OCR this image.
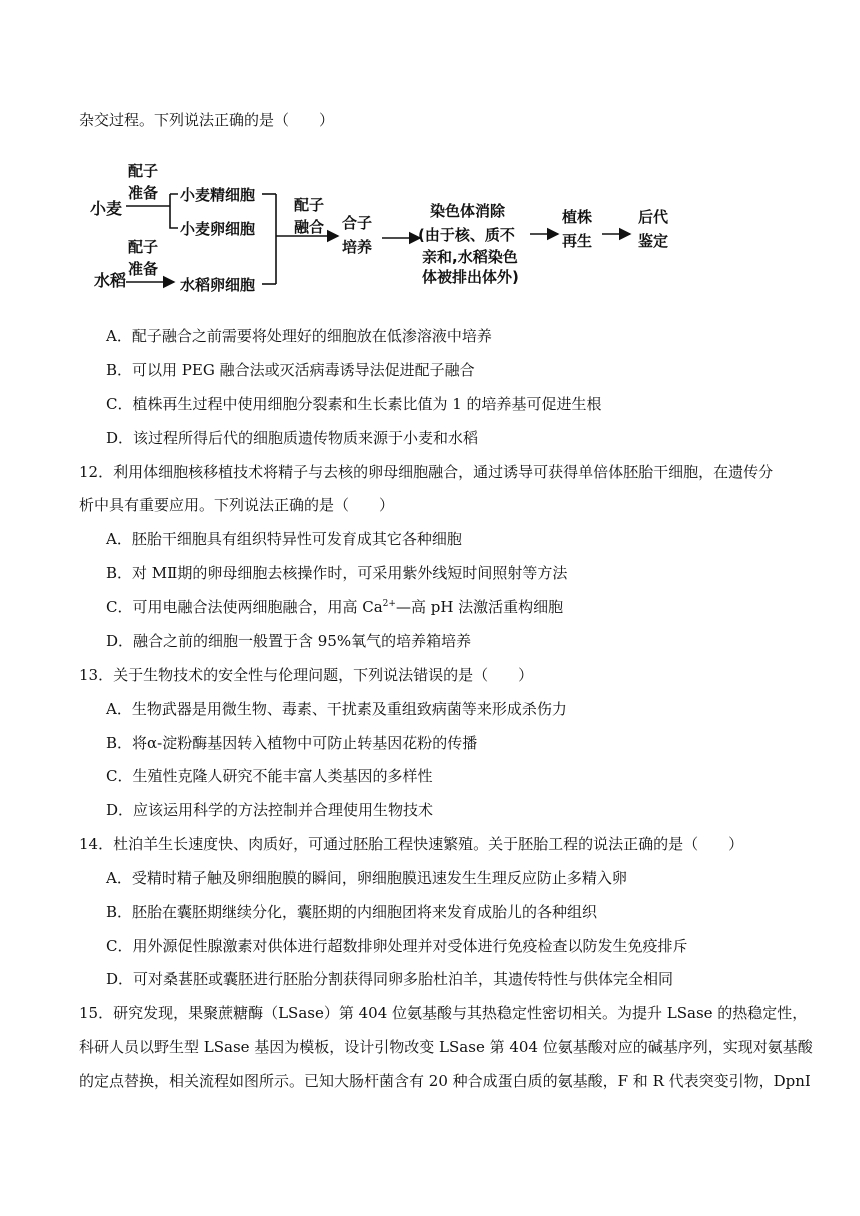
杂交过程。下列说法正确的是（　　）
小麦
配子
准备 小麦精细胞
小麦卵细胞
水稻
配子
准备
水稻卵细胞
配子
融合 合子
培养
染色体消除
(由于核、质不
亲和,水稻染色
体被排出体外)
植株
再生
后代
鉴定
A．配子融合之前需要将处理好的细胞放在低渗溶液中培养
B．可以用 PEG 融合法或灭活病毒诱导法促进配子融合
C．植株再生过程中使用细胞分裂素和生长素比值为 1 的培养基可促进生根
D．该过程所得后代的细胞质遗传物质来源于小麦和水稻
12．利用体细胞核移植技术将精子与去核的卵母细胞融合，通过诱导可获得单倍体胚胎干细胞，在遗传分
析中具有重要应用。下列说法正确的是（　　）
A．胚胎干细胞具有组织特异性可发育成其它各种细胞
B．对 MⅡ期的卵母细胞去核操作时，可采用紫外线短时间照射等方法
C．可用电融合法使两细胞融合，用高 $Ca^{2+}—$高 pH 法激活重构细胞
D．融合之前的细胞一般置于含 95%氧气的培养箱培养
13．关于生物技术的安全性与伦理问题，下列说法错误的是（　　）
A．生物武器是用微生物、毒素、干扰素及重组致病菌等来形成杀伤力
B．将α-淀粉酶基因转入植物中可防止转基因花粉的传播
C．生殖性克隆人研究不能丰富人类基因的多样性
D．应该运用科学的方法控制并合理使用生物技术
14．杜泊羊生长速度快、肉质好，可通过胚胎工程快速繁殖。关于胚胎工程的说法正确的是（　　）
A．受精时精子触及卵细胞膜的瞬间，卵细胞膜迅速发生生理反应防止多精入卵
B．胚胎在囊胚期继续分化，囊胚期的内细胞团将来发育成胎儿的各种组织
C．用外源促性腺激素对供体进行超数排卵处理并对受体进行免疫检查以防发生免疫排斥
D．可对桑葚胚或囊胚进行胚胎分割获得同卵多胎杜泊羊，其遗传特性与供体完全相同
15．研究发现，果聚蔗糖酶（LSase）第 404 位氨基酸与其热稳定性密切相关。为提升 LSase 的热稳定性，
科研人员以野生型 LSase 基因为模板，设计引物改变 LSase 第 404 位氨基酸对应的碱基序列，实现对氨基酸
的定点替换，相关流程如图所示。已知大肠杆菌含有 20 种合成蛋白质的氨基酸，F 和 R 代表突变引物，DpnI
